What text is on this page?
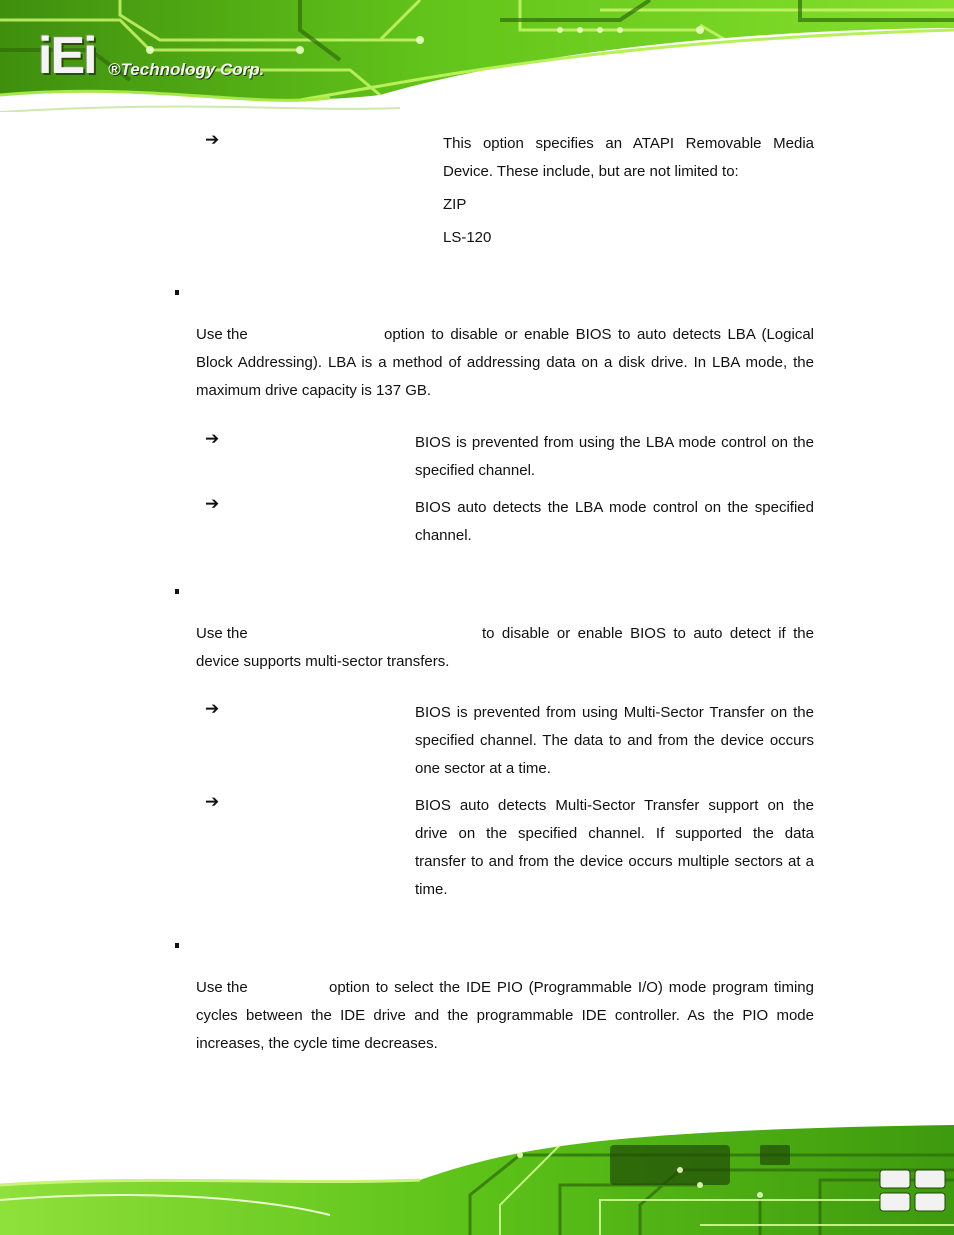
iEi ®Technology Corp.
➔	This option specifies an ATAPI Removable Media Device. These include, but are not limited to:

ZIP

LS-120

Use the	option to disable or enable BIOS to auto detects LBA (Logical Block Addressing). LBA is a method of addressing data on a disk drive. In LBA mode, the maximum drive capacity is 137 GB.

➔	BIOS is prevented from using the LBA mode control on the specified channel.

➔	BIOS auto detects the LBA mode control on the specified channel.

Use the	to disable or enable BIOS to auto detect if the device supports multi-sector transfers.

➔	BIOS is prevented from using Multi-Sector Transfer on the specified channel. The data to and from the device occurs one sector at a time.

➔	BIOS auto detects Multi-Sector Transfer support on the drive on the specified channel. If supported the data transfer to and from the device occurs multiple sectors at a time.

Use the	option to select the IDE PIO (Programmable I/O) mode program timing cycles between the IDE drive and the programmable IDE controller. As the PIO mode increases, the cycle time decreases.
